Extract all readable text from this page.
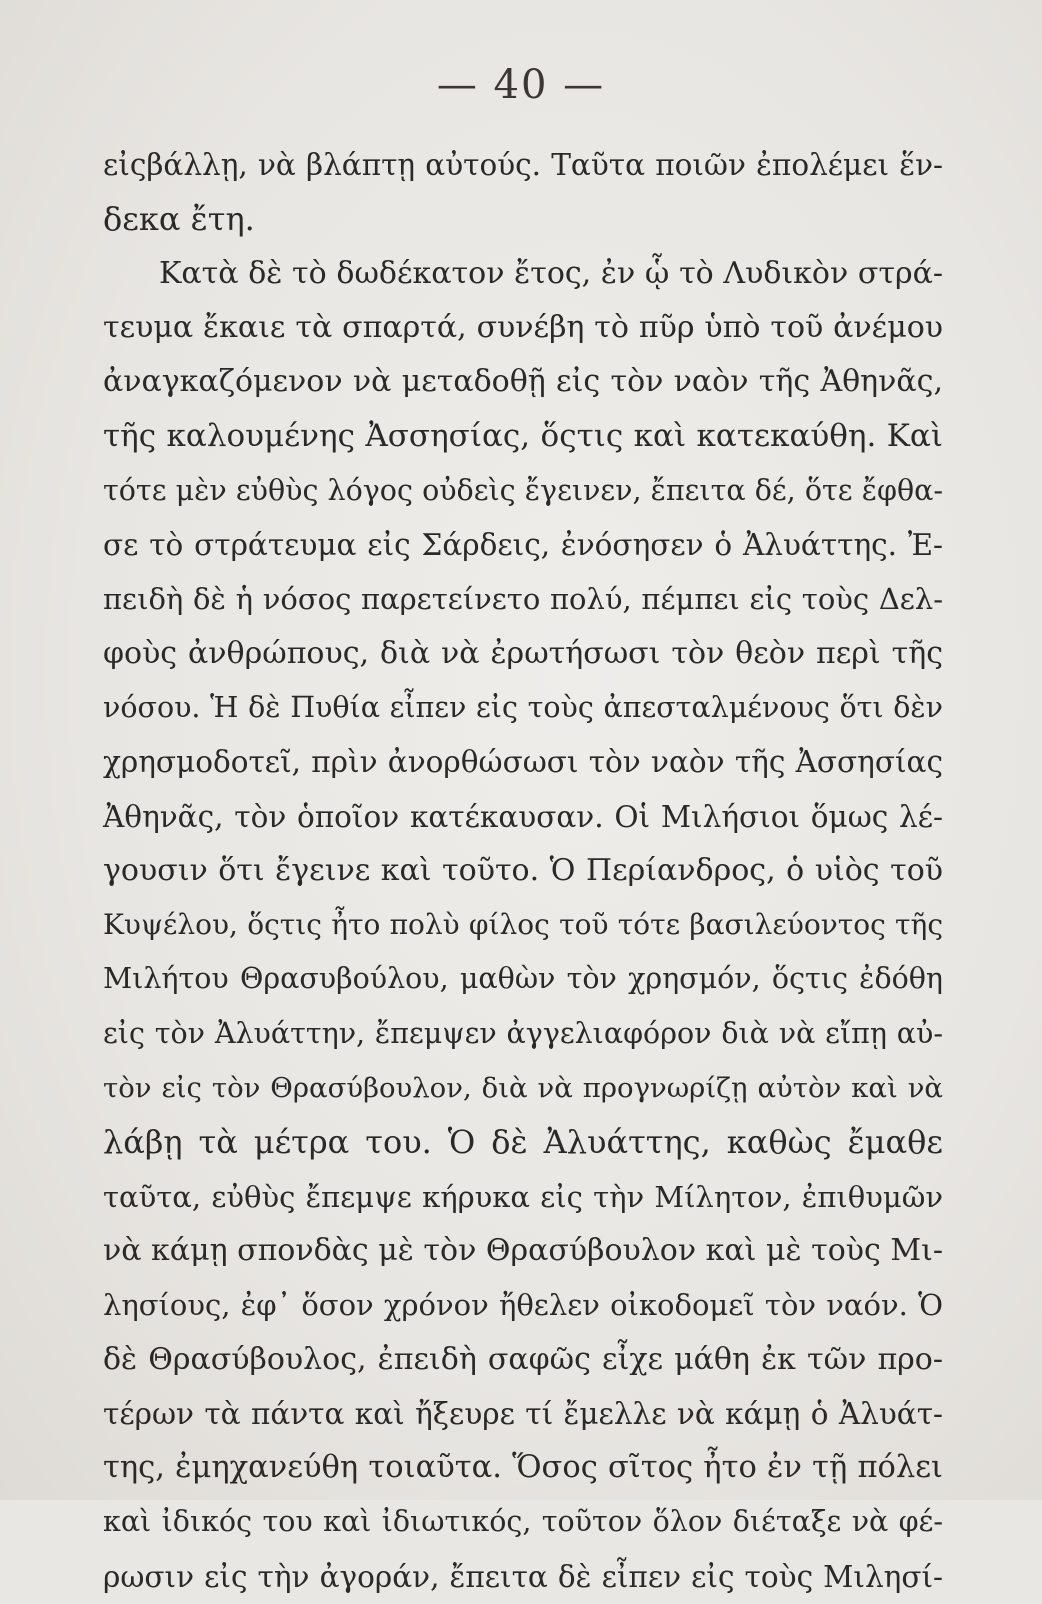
— 40 —
εἰςβάλλῃ, νὰ βλάπτῃ αὐτούς. Ταῦτα ποιῶν ἐπολέμει ἕν-
δεκα ἔτη.
Κατὰ δὲ τὸ δωδέκατον ἔτος, ἐν ᾧ τὸ Λυδικὸν στρά-
τευμα ἔκαιε τὰ σπαρτά, συνέβη τὸ πῦρ ὑπὸ τοῦ ἀνέμου
ἀναγκαζόμενον νὰ μεταδοθῇ εἰς τὸν ναὸν τῆς Ἀθηνᾶς,
τῆς καλουμένης Ἀσσησίας, ὅςτις καὶ κατεκαύθη. Καὶ
τότε μὲν εὐθὺς λόγος οὐδεὶς ἔγεινεν, ἔπειτα δέ, ὅτε ἔφθα-
σε τὸ στράτευμα εἰς Σάρδεις, ἐνόσησεν ὁ Ἀλυάττης. Ἐ-
πειδὴ δὲ ἡ νόσος παρετείνετο πολύ, πέμπει εἰς τοὺς Δελ-
φοὺς ἀνθρώπους, διὰ νὰ ἐρωτήσωσι τὸν θεὸν περὶ τῆς
νόσου. Ἡ δὲ Πυθία εἶπεν εἰς τοὺς ἀπεσταλμένους ὅτι δὲν
χρησμοδοτεῖ, πρὶν ἀνορθώσωσι τὸν ναὸν τῆς Ἀσσησίας
Ἀθηνᾶς, τὸν ὁποῖον κατέκαυσαν. Οἱ Μιλήσιοι ὅμως λέ-
γουσιν ὅτι ἔγεινε καὶ τοῦτο. Ὁ Περίανδρος, ὁ υἱὸς τοῦ
Κυψέλου, ὅςτις ἦτο πολὺ φίλος τοῦ τότε βασιλεύοντος τῆς
Μιλήτου Θρασυβούλου, μαθὼν τὸν χρησμόν, ὅςτις ἐδόθη
εἰς τὸν Ἀλυάττην, ἔπεμψεν ἀγγελιαφόρον διὰ νὰ εἴπῃ αὐ-
τὸν εἰς τὸν Θρασύβουλον, διὰ νὰ προγνωρίζῃ αὐτὸν καὶ νὰ
λάβῃ τὰ μέτρα του. Ὁ δὲ Ἀλυάττης, καθὼς ἔμαθε
ταῦτα, εὐθὺς ἔπεμψε κήρυκα εἰς τὴν Μίλητον, ἐπιθυμῶν
νὰ κάμῃ σπονδὰς μὲ τὸν Θρασύβουλον καὶ μὲ τοὺς Μι-
λησίους, ἐφ᾿ ὅσον χρόνον ἤθελεν οἰκοδομεῖ τὸν ναόν. Ὁ
δὲ Θρασύβουλος, ἐπειδὴ σαφῶς εἶχε μάθη ἐκ τῶν προ-
τέρων τὰ πάντα καὶ ἤξευρε τί ἔμελλε νὰ κάμῃ ὁ Ἀλυάτ-
της, ἐμηχανεύθη τοιαῦτα. Ὅσος σῖτος ἦτο ἐν τῇ πόλει
καὶ ἰδικός του καὶ ἰδιωτικός, τοῦτον ὅλον διέταξε νὰ φέ-
ρωσιν εἰς τὴν ἀγοράν, ἔπειτα δὲ εἶπεν εἰς τοὺς Μιλησί-
